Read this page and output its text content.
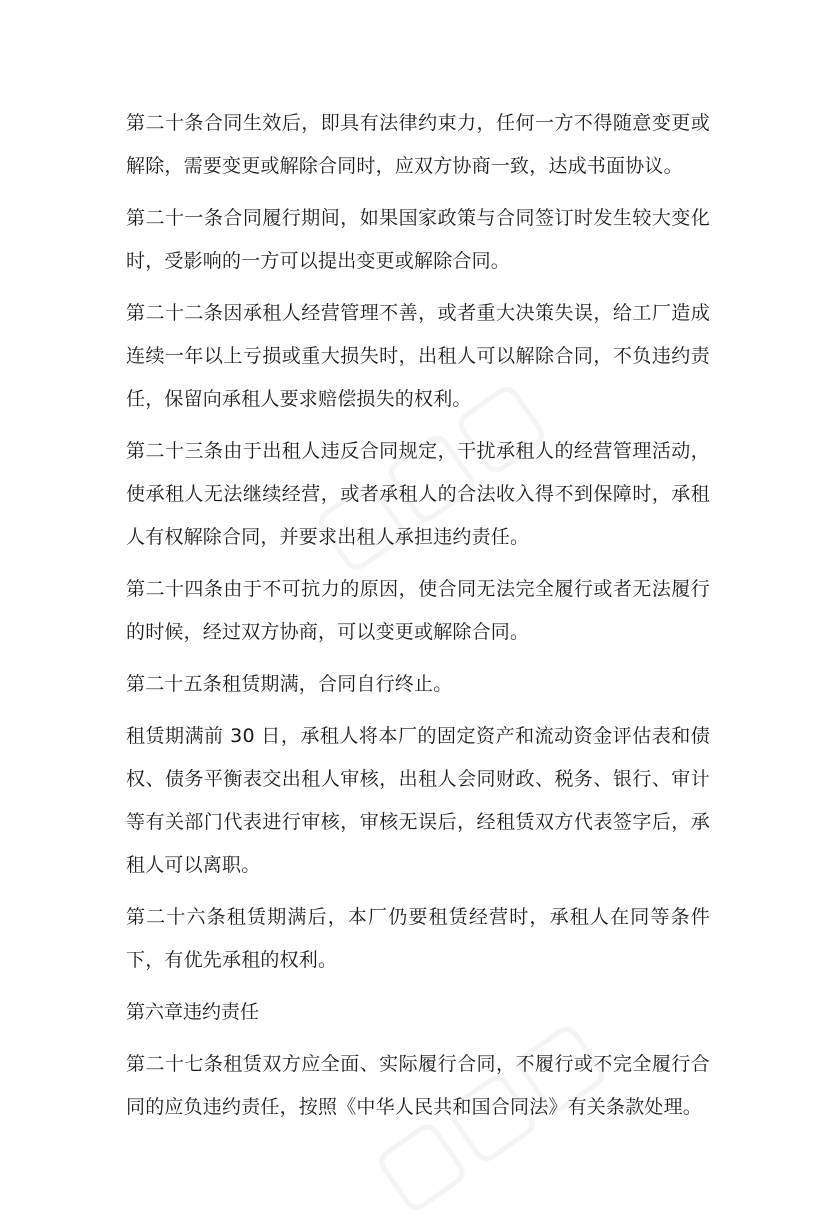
第二十条合同生效后，即具有法律约束力，任何一方不得随意变更或解除，需要变更或解除合同时，应双方协商一致，达成书面协议。

第二十一条合同履行期间，如果国家政策与合同签订时发生较大变化时，受影响的一方可以提出变更或解除合同。

第二十二条因承租人经营管理不善，或者重大决策失误，给工厂造成连续一年以上亏损或重大损失时，出租人可以解除合同，不负违约责任，保留向承租人要求赔偿损失的权利。

第二十三条由于出租人违反合同规定，干扰承租人的经营管理活动，使承租人无法继续经营，或者承租人的合法收入得不到保障时，承租人有权解除合同，并要求出租人承担违约责任。

第二十四条由于不可抗力的原因，使合同无法完全履行或者无法履行的时候，经过双方协商，可以变更或解除合同。

第二十五条租赁期满，合同自行终止。

租赁期满前 30 日，承租人将本厂的固定资产和流动资金评估表和债权、债务平衡表交出租人审核，出租人会同财政、税务、银行、审计等有关部门代表进行审核，审核无误后，经租赁双方代表签字后，承租人可以离职。

第二十六条租赁期满后，本厂仍要租赁经营时，承租人在同等条件下，有优先承租的权利。

第六章违约责任

第二十七条租赁双方应全面、实际履行合同，不履行或不完全履行合同的应负违约责任，按照《中华人民共和国合同法》有关条款处理。
